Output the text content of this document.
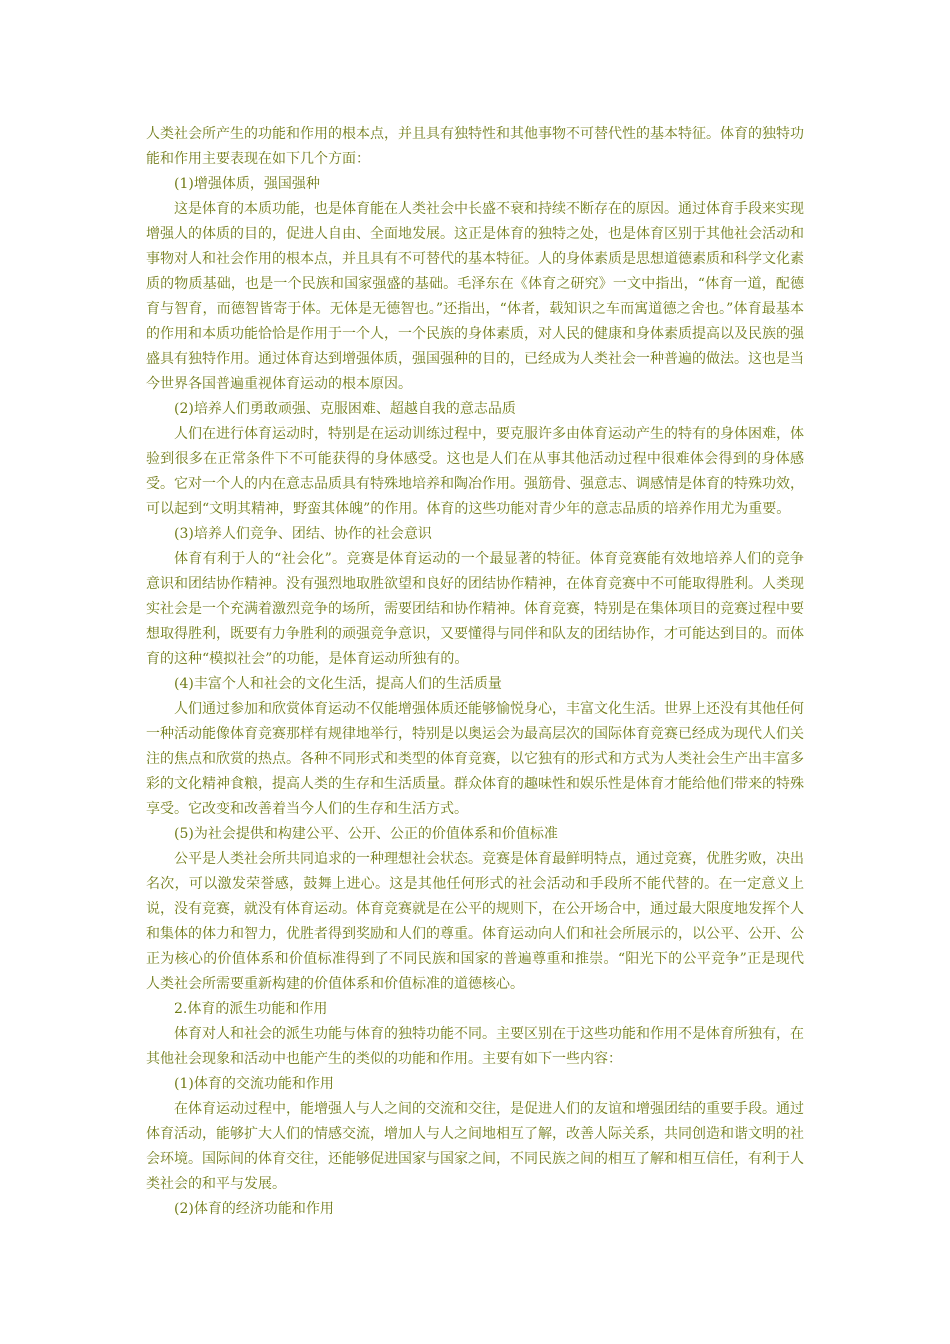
人类社会所产生的功能和作用的根本点，并且具有独特性和其他事物不可替代性的基本特征。体育的独特功能和作用主要表现在如下几个方面：

(1)增强体质，强国强种

这是体育的本质功能，也是体育能在人类社会中长盛不衰和持续不断存在的原因。通过体育手段来实现增强人的体质的目的，促进人自由、全面地发展。这正是体育的独特之处，也是体育区别于其他社会活动和事物对人和社会作用的根本点，并且具有不可替代的基本特征。人的身体素质是思想道德素质和科学文化素质的物质基础，也是一个民族和国家强盛的基础。毛泽东在《体育之研究》一文中指出，“体育一道，配德育与智育，而德智皆寄于体。无体是无德智也。”还指出，“体者，载知识之车而寓道德之舍也。”体育最基本的作用和本质功能恰恰是作用于一个人，一个民族的身体素质，对人民的健康和身体素质提高以及民族的强盛具有独特作用。通过体育达到增强体质，强国强种的目的，已经成为人类社会一种普遍的做法。这也是当今世界各国普遍重视体育运动的根本原因。

(2)培养人们勇敢顽强、克服困难、超越自我的意志品质

人们在进行体育运动时，特别是在运动训练过程中，要克服许多由体育运动产生的特有的身体困难，体验到很多在正常条件下不可能获得的身体感受。这也是人们在从事其他活动过程中很难体会得到的身体感受。它对一个人的内在意志品质具有特殊地培养和陶冶作用。强筋骨、强意志、调感情是体育的特殊功效，可以起到“文明其精神，野蛮其体魄”的作用。体育的这些功能对青少年的意志品质的培养作用尤为重要。

(3)培养人们竞争、团结、协作的社会意识

体育有利于人的“社会化”。竞赛是体育运动的一个最显著的特征。体育竞赛能有效地培养人们的竞争意识和团结协作精神。没有强烈地取胜欲望和良好的团结协作精神，在体育竞赛中不可能取得胜利。人类现实社会是一个充满着激烈竞争的场所，需要团结和协作精神。体育竞赛，特别是在集体项目的竞赛过程中要想取得胜利，既要有力争胜利的顽强竞争意识，又要懂得与同伴和队友的团结协作，才可能达到目的。而体育的这种“模拟社会”的功能，是体育运动所独有的。

(4)丰富个人和社会的文化生活，提高人们的生活质量

人们通过参加和欣赏体育运动不仅能增强体质还能够愉悦身心，丰富文化生活。世界上还没有其他任何一种活动能像体育竞赛那样有规律地举行，特别是以奥运会为最高层次的国际体育竞赛已经成为现代人们关注的焦点和欣赏的热点。各种不同形式和类型的体育竞赛，以它独有的形式和方式为人类社会生产出丰富多彩的文化精神食粮，提高人类的生存和生活质量。群众体育的趣味性和娱乐性是体育才能给他们带来的特殊享受。它改变和改善着当今人们的生存和生活方式。

(5)为社会提供和构建公平、公开、公正的价值体系和价值标准

公平是人类社会所共同追求的一种理想社会状态。竞赛是体育最鲜明特点，通过竞赛，优胜劣败，决出名次，可以激发荣誉感，鼓舞上进心。这是其他任何形式的社会活动和手段所不能代替的。在一定意义上说，没有竞赛，就没有体育运动。体育竞赛就是在公平的规则下，在公开场合中，通过最大限度地发挥个人和集体的体力和智力，优胜者得到奖励和人们的尊重。体育运动向人们和社会所展示的，以公平、公开、公正为核心的价值体系和价值标准得到了不同民族和国家的普遍尊重和推崇。“阳光下的公平竞争”正是现代人类社会所需要重新构建的价值体系和价值标准的道德核心。

2.体育的派生功能和作用

体育对人和社会的派生功能与体育的独特功能不同。主要区别在于这些功能和作用不是体育所独有，在其他社会现象和活动中也能产生的类似的功能和作用。主要有如下一些内容：

(1)体育的交流功能和作用

在体育运动过程中，能增强人与人之间的交流和交往，是促进人们的友谊和增强团结的重要手段。通过体育活动，能够扩大人们的情感交流，增加人与人之间地相互了解，改善人际关系，共同创造和谐文明的社会环境。国际间的体育交往，还能够促进国家与国家之间，不同民族之间的相互了解和相互信任，有利于人类社会的和平与发展。

(2)体育的经济功能和作用
